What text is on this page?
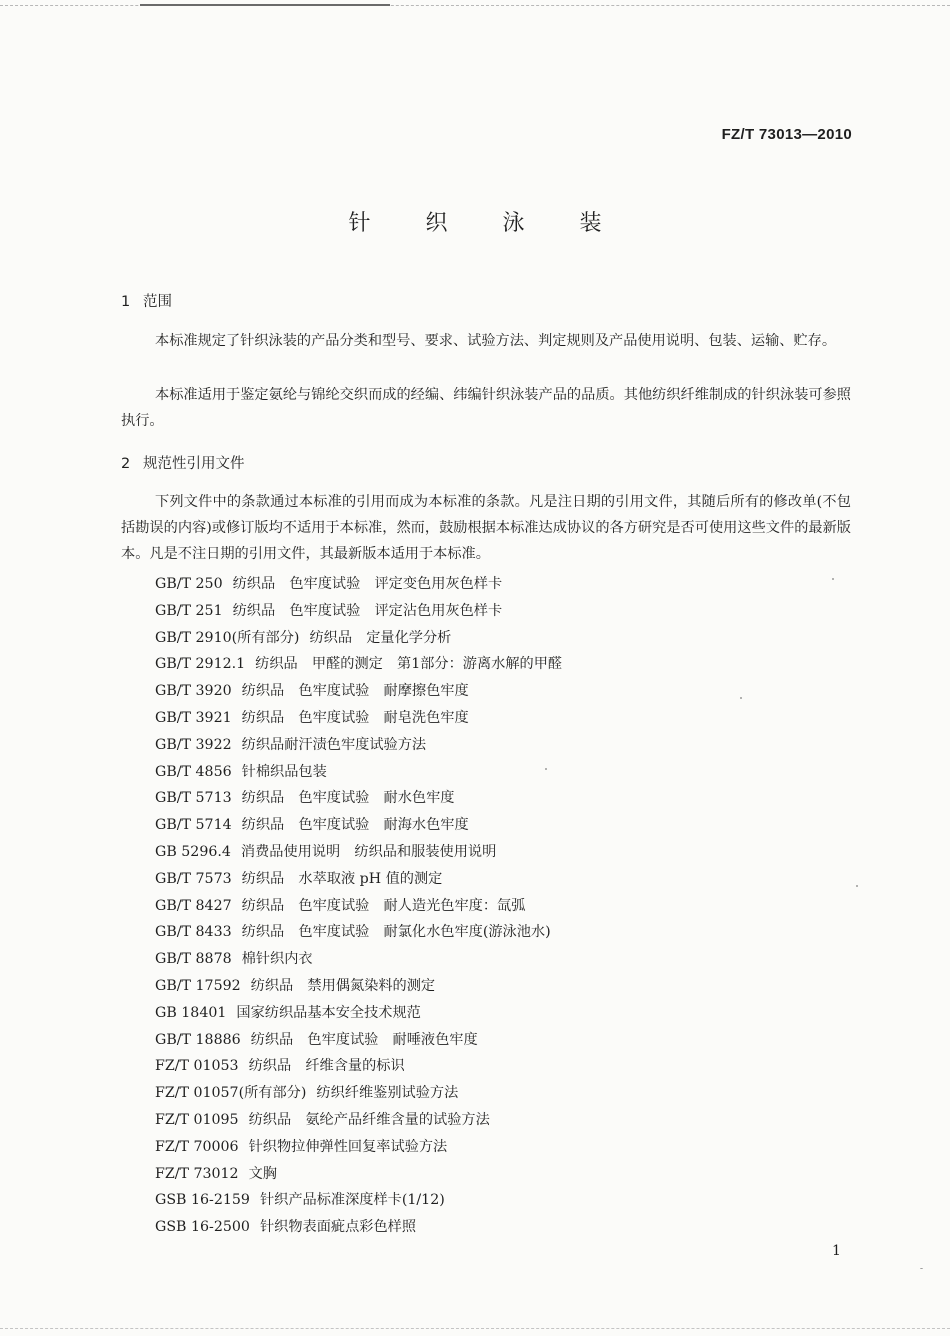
FZ/T 73013—2010
针 织 泳 装
1 范围

本标准规定了针织泳装的产品分类和型号、要求、试验方法、判定规则及产品使用说明、包装、运输、贮存。

本标准适用于鉴定氨纶与锦纶交织而成的经编、纬编针织泳装产品的品质。其他纺织纤维制成的针织泳装可参照执行。

2 规范性引用文件

下列文件中的条款通过本标准的引用而成为本标准的条款。凡是注日期的引用文件，其随后所有的修改单(不包括勘误的内容)或修订版均不适用于本标准，然而，鼓励根据本标准达成协议的各方研究是否可使用这些文件的最新版本。凡是不注日期的引用文件，其最新版本适用于本标准。

GB/T 250 纺织品　色牢度试验　评定变色用灰色样卡
GB/T 251 纺织品　色牢度试验　评定沾色用灰色样卡
GB/T 2910(所有部分) 纺织品　定量化学分析
GB/T 2912.1 纺织品　甲醛的测定　第1部分：游离水解的甲醛
GB/T 3920 纺织品　色牢度试验　耐摩擦色牢度
GB/T 3921 纺织品　色牢度试验　耐皂洗色牢度
GB/T 3922 纺织品耐汗渍色牢度试验方法
GB/T 4856 针棉织品包装
GB/T 5713 纺织品　色牢度试验　耐水色牢度
GB/T 5714 纺织品　色牢度试验　耐海水色牢度
GB 5296.4 消费品使用说明　纺织品和服装使用说明
GB/T 7573 纺织品　水萃取液 pH 值的测定
GB/T 8427 纺织品　色牢度试验　耐人造光色牢度：氙弧
GB/T 8433 纺织品　色牢度试验　耐氯化水色牢度(游泳池水)
GB/T 8878 棉针织内衣
GB/T 17592 纺织品　禁用偶氮染料的测定
GB 18401 国家纺织品基本安全技术规范
GB/T 18886 纺织品　色牢度试验　耐唾液色牢度
FZ/T 01053 纺织品　纤维含量的标识
FZ/T 01057(所有部分) 纺织纤维鉴别试验方法
FZ/T 01095 纺织品　氨纶产品纤维含量的试验方法
FZ/T 70006 针织物拉伸弹性回复率试验方法
FZ/T 73012 文胸
GSB 16-2159 针织产品标准深度样卡(1/12)
GSB 16-2500 针织物表面疵点彩色样照
1
